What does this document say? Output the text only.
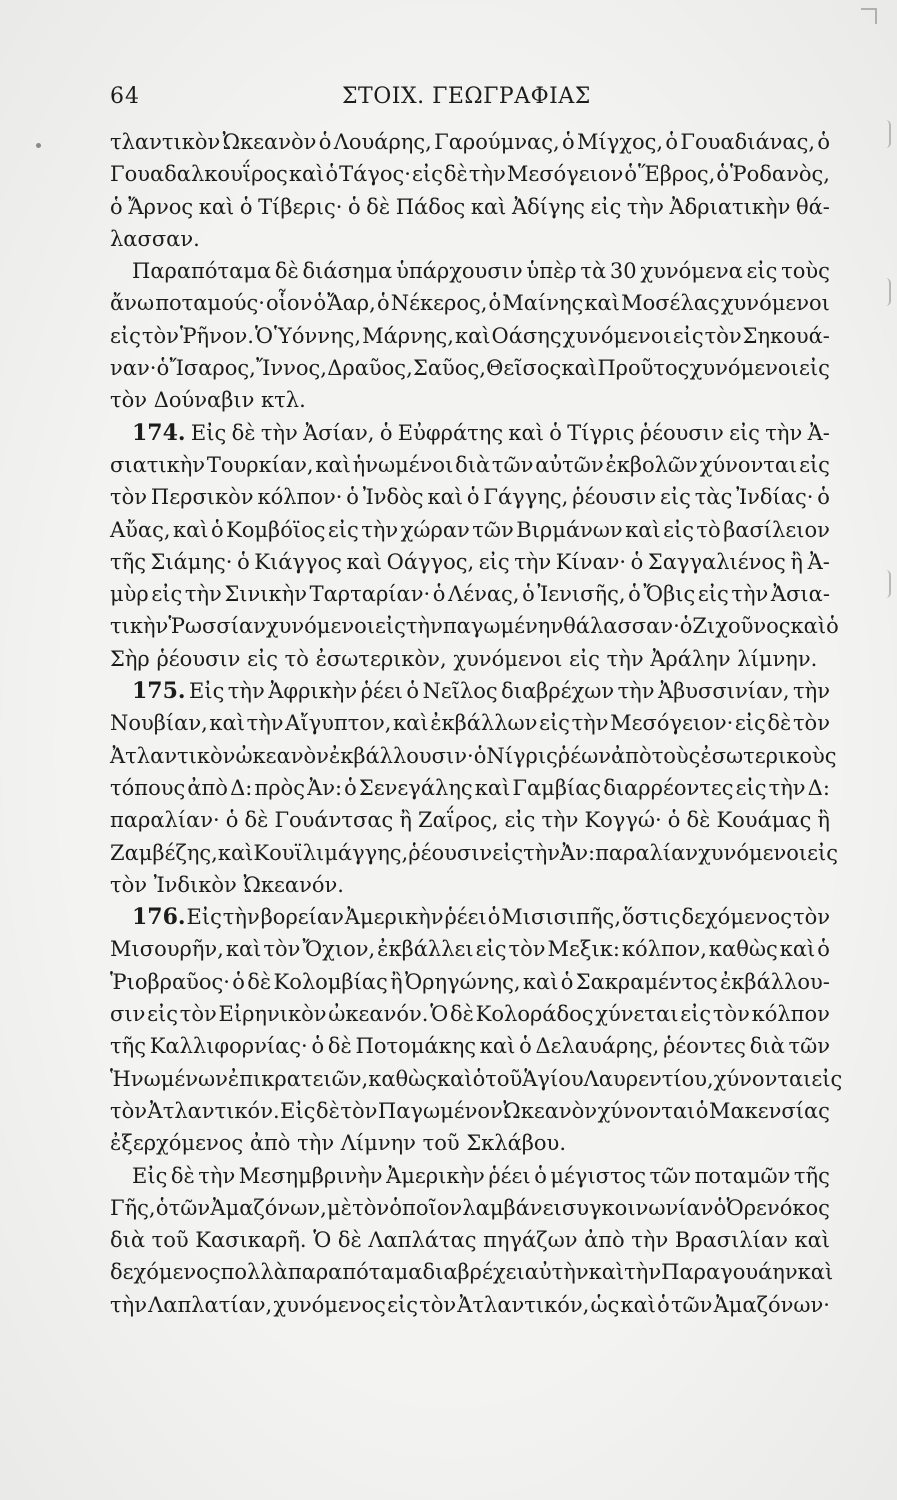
64	ΣΤΟΙΧ. ΓΕΩΓΡΑΦΙΑΣ
τλαντικὸν Ὠκεανὸν ὁ Λουάρης, Γαρούμνας, ὁ Μίγχος, ὁ Γουαδιάνας, ὁ
Γουαδαλκουΐρος καὶ ὁ Τάγος· εἰς δὲ τὴν Μεσόγειον ὁ Ἕβρος, ὁ Ῥοδανὸς,
ὁ Ἄρνος καὶ ὁ Τίβερις· ὁ δὲ Πάδος καὶ Ἀδίγης εἰς τὴν Ἀδριατικὴν θά-
λασσαν.
Παραπόταμα δὲ διάσημα ὑπάρχουσιν ὑπὲρ τὰ 30 χυνόμενα εἰς τοὺς
ἄνω ποταμούς· οἷον ὁ Ἄαρ, ὁ Νέκερος, ὁ Μαίνης καὶ Μοσέλας χυνόμενοι
εἰς τὸν Ῥῆνον. Ὁ Ὑόννης, Μάρνης, καὶ Οάσης χυνόμενοι εἰς τὸν Σηκουά-
ναν· ὁ Ἴσαρος, Ἴννος, Δραῦος, Σαῦος, Θεῖσος καὶ Προῦτος χυνόμενοι εἰς
τὸν Δούναβιν κτλ.
174. Εἰς δὲ τὴν Ἀσίαν, ὁ Εὐφράτης καὶ ὁ Τίγρις ῥέουσιν εἰς τὴν Ἀ-
σιατικὴν Τουρκίαν, καὶ ἡνωμένοι διὰ τῶν αὐτῶν ἐκβολῶν χύνονται εἰς
τὸν Περσικὸν κόλπον· ὁ Ἰνδὸς καὶ ὁ Γάγγης, ῥέουσιν εἰς τὰς Ἰνδίας· ὁ
Αὔας, καὶ ὁ Κομβόϊος εἰς τὴν χώραν τῶν Βιρμάνων καὶ εἰς τὸ βασίλειον
τῆς Σιάμης· ὁ Κιάγγος καὶ Οάγγος, εἰς τὴν Κίναν· ὁ Σαγγαλιένος ἢ Ἀ-
μὺρ εἰς τὴν Σινικὴν Ταρταρίαν· ὁ Λένας, ὁ Ἰενισῆς, ὁ Ὄβις εἰς τὴν Ἀσια-
τικὴν Ῥωσσίαν χυνόμενοι εἰς τὴν παγωμένην θάλασσαν· ὁ Ζιχοῦνος καὶ ὁ
Σὴρ ῥέουσιν εἰς τὸ ἐσωτερικὸν, χυνόμενοι εἰς τὴν Ἀράλην λίμνην.
175. Εἰς τὴν Ἀφρικὴν ῥέει ὁ Νεῖλος διαβρέχων τὴν Ἀβυσσινίαν, τὴν
Νουβίαν, καὶ τὴν Αἴγυπτον, καὶ ἐκβάλλων εἰς τὴν Μεσόγειον· εἰς δὲ τὸν
Ἀτλαντικὸν ὠκεανὸν ἐκβάλλουσιν· ὁ Νίγρις ῥέων ἀπὸ τοὺς ἐσωτερικοὺς
τόπους ἀπὸ Δ: πρὸς Ἀν: ὁ Σενεγάλης καὶ Γαμβίας διαρρέοντες εἰς τὴν Δ:
παραλίαν· ὁ δὲ Γουάντσας ἢ Ζαΐρος, εἰς τὴν Κογγώ· ὁ δὲ Κουάμας ἢ
Ζαμβέζης, καὶ Κουϊλιμάγγης, ῥέουσιν εἰς τὴν Ἀν: παραλίαν χυνόμενοι εἰς
τὸν Ἰνδικὸν Ὠκεανόν.
176. Εἰς τὴν βορείαν Ἀμερικὴν ῥέει ὁ Μισισιπῆς, ὅστις δεχόμενος τὸν
Μισουρῆν, καὶ τὸν Ὄχιον, ἐκβάλλει εἰς τὸν Μεξικ: κόλπον, καθὼς καὶ ὁ
Ῥιοβραῦος· ὁ δὲ Κολομβίας ἢ Ὀρηγώνης, καὶ ὁ Σακραμέντος ἐκβάλλου-
σιν εἰς τὸν Εἰρηνικὸν ὠκεανόν. Ὁ δὲ Κολοράδος χύνεται εἰς τὸν κόλπον
τῆς Καλλιφορνίας· ὁ δὲ Ποτομάκης καὶ ὁ Δελαυάρης, ῥέοντες διὰ τῶν
Ἡνωμένων ἐπικρατειῶν, καθὼς καὶ ὁ τοῦ Ἁγίου Λαυρεντίου, χύνονται εἰς
τὸν Ἀτλαντικόν. Εἰς δὲ τὸν Παγωμένον Ὠκεανὸν χύνονται ὁ Μακενσίας
ἐξερχόμενος ἀπὸ τὴν Λίμνην τοῦ Σκλάβου.
Εἰς δὲ τὴν Μεσημβρινὴν Ἀμερικὴν ῥέει ὁ μέγιστος τῶν ποταμῶν τῆς
Γῆς, ὁ τῶν Ἀμαζόνων, μὲ τὸν ὁποῖον λαμβάνει συγκοινωνίαν ὁ Ὀρενόκος
διὰ τοῦ Κασικαρῆ. Ὁ δὲ Λαπλάτας πηγάζων ἀπὸ τὴν Βρασιλίαν καὶ
δεχόμενος πολλὰ παραπόταμα διαβρέχει αὐτὴν καὶ τὴν Παραγουάην καὶ
τὴν Λαπλατίαν, χυνόμενος εἰς τὸν Ἀτλαντικόν, ὡς καὶ ὁ τῶν Ἀμαζόνων·
